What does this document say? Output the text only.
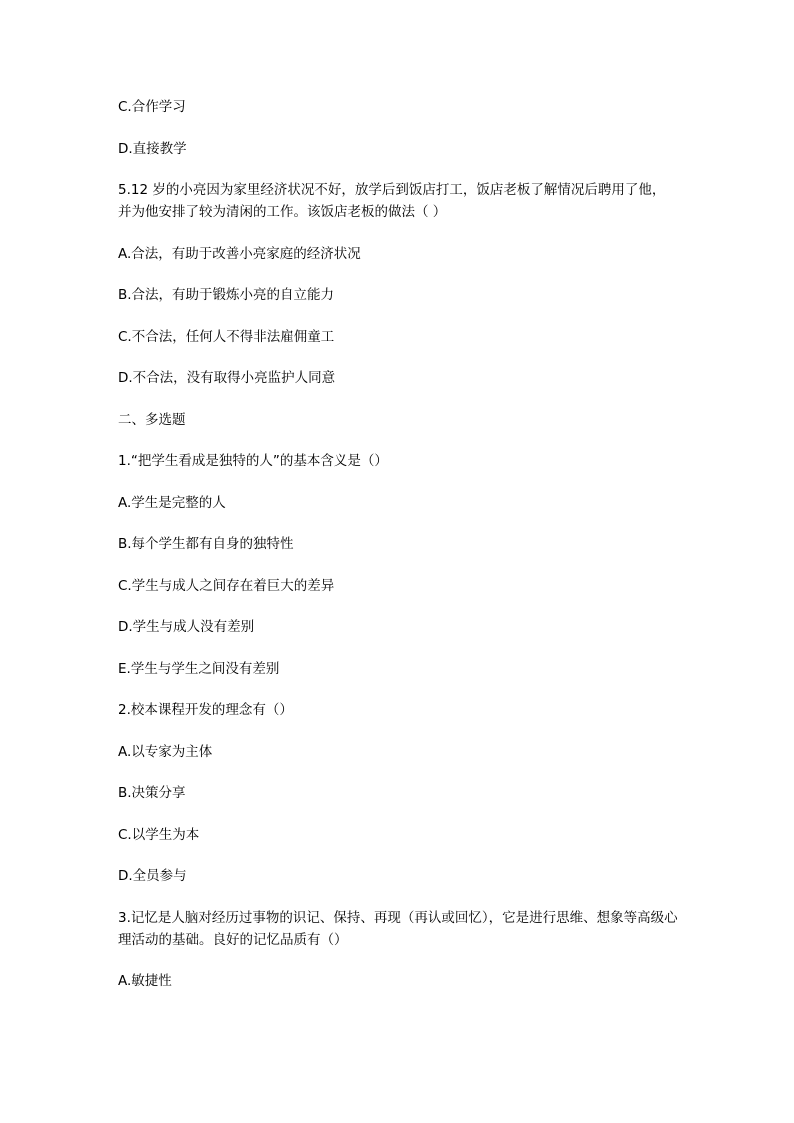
C.合作学习
D.直接教学
5.12 岁的小亮因为家里经济状况不好，放学后到饭店打工，饭店老板了解情况后聘用了他，并为他安排了较为清闲的工作。该饭店老板的做法（ ）
A.合法，有助于改善小亮家庭的经济状况
B.合法，有助于锻炼小亮的自立能力
C.不合法，任何人不得非法雇佣童工
D.不合法，没有取得小亮监护人同意
二、多选题
1.“把学生看成是独特的人”的基本含义是（）
A.学生是完整的人
B.每个学生都有自身的独特性
C.学生与成人之间存在着巨大的差异
D.学生与成人没有差别
E.学生与学生之间没有差别
2.校本课程开发的理念有（）
A.以专家为主体
B.决策分享
C.以学生为本
D.全员参与
3.记忆是人脑对经历过事物的识记、保持、再现（再认或回忆），它是进行思维、想象等高级心理活动的基础。良好的记忆品质有（）
A.敏捷性
